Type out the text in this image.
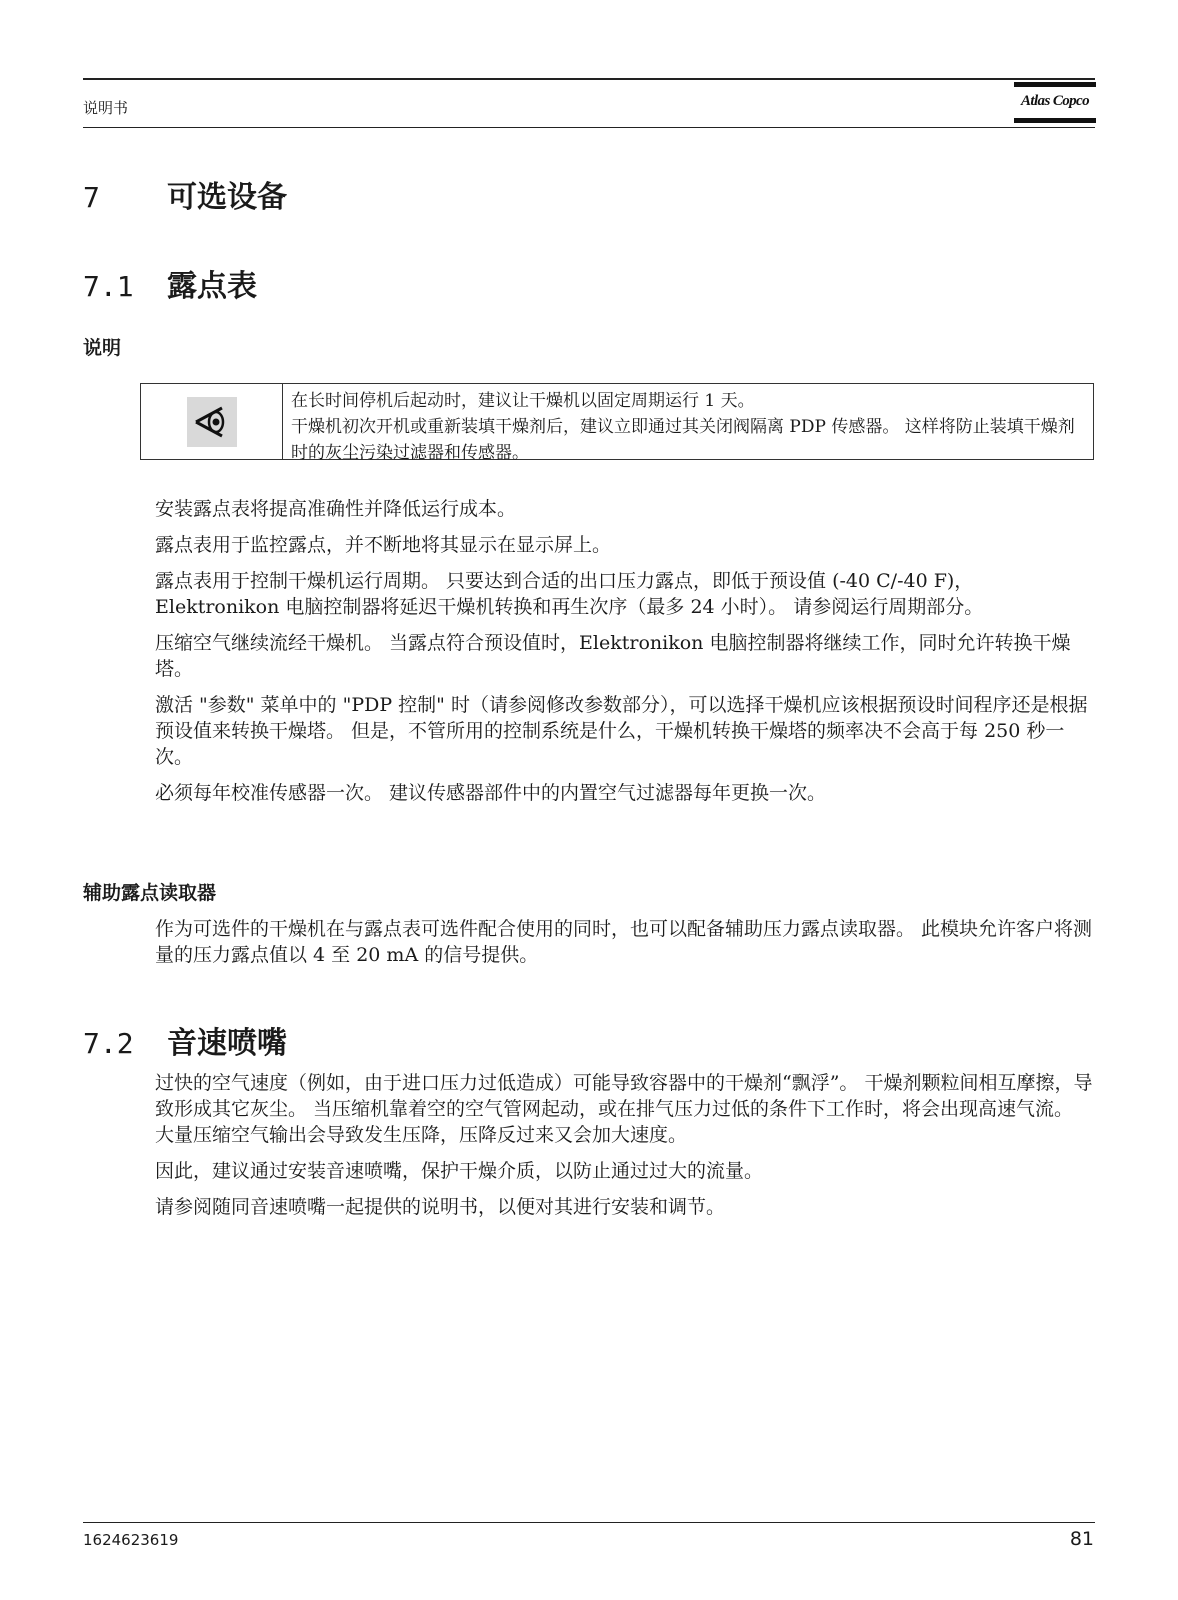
说明书	Atlas Copco
7 可选设备
7.1 露点表
说明
在长时间停机后起动时，建议让干燥机以固定周期运行 1 天。
干燥机初次开机或重新装填干燥剂后，建议立即通过其关闭阀隔离 PDP 传感器。 这样将防止装填干燥剂时的灰尘污染过滤器和传感器。

安装露点表将提高准确性并降低运行成本。

露点表用于监控露点，并不断地将其显示在显示屏上。

露点表用于控制干燥机运行周期。 只要达到合适的出口压力露点，即低于预设值 (-40 C/-40 F)，Elektronikon 电脑控制器将延迟干燥机转换和再生次序（最多 24 小时）。 请参阅运行周期部分。

压缩空气继续流经干燥机。 当露点符合预设值时，Elektronikon 电脑控制器将继续工作，同时允许转换干燥塔。

激活 "参数" 菜单中的 "PDP 控制" 时（请参阅修改参数部分），可以选择干燥机应该根据预设时间程序还是根据预设值来转换干燥塔。 但是，不管所用的控制系统是什么，干燥机转换干燥塔的频率决不会高于每 250 秒一次。

必须每年校准传感器一次。 建议传感器部件中的内置空气过滤器每年更换一次。

辅助露点读取器

作为可选件的干燥机在与露点表可选件配合使用的同时，也可以配备辅助压力露点读取器。 此模块允许客户将测量的压力露点值以 4 至 20 mA 的信号提供。

7.2 音速喷嘴

过快的空气速度（例如，由于进口压力过低造成）可能导致容器中的干燥剂“飘浮”。 干燥剂颗粒间相互摩擦，导致形成其它灰尘。 当压缩机靠着空的空气管网起动，或在排气压力过低的条件下工作时，将会出现高速气流。 大量压缩空气输出会导致发生压降，压降反过来又会加大速度。

因此，建议通过安装音速喷嘴，保护干燥介质，以防止通过过大的流量。

请参阅随同音速喷嘴一起提供的说明书，以便对其进行安装和调节。

1624623619	81
